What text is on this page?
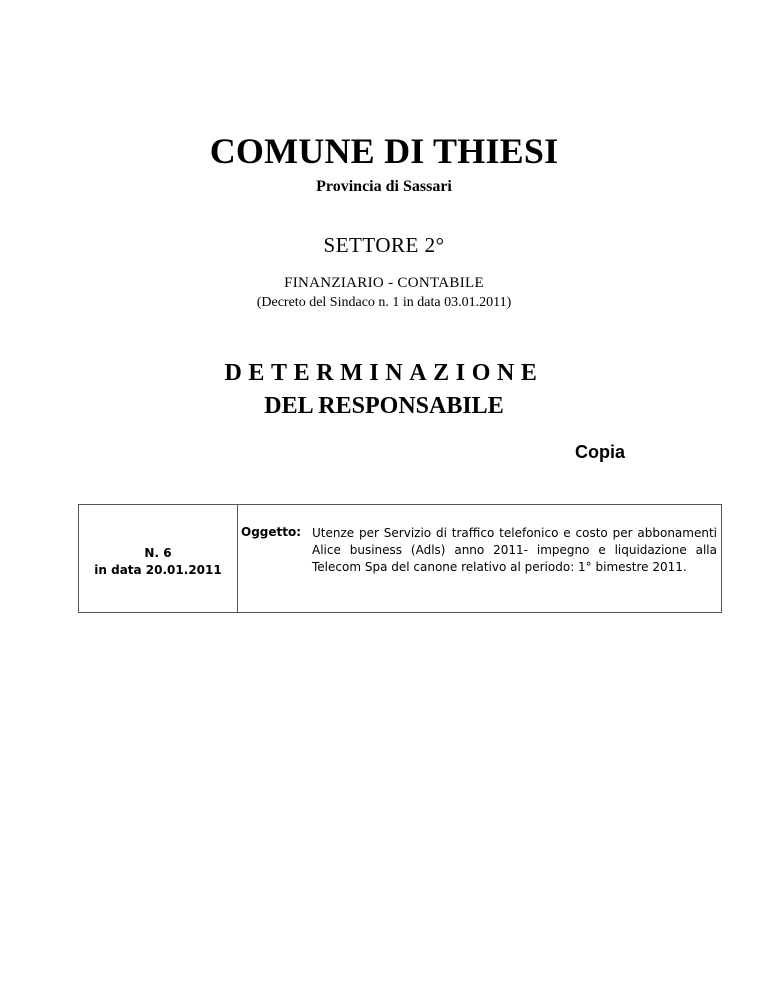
COMUNE DI THIESI
Provincia di Sassari
SETTORE 2°
FINANZIARIO - CONTABILE
(Decreto del Sindaco n. 1 in data 03.01.2011)
DETERMINAZIONE
DEL RESPONSABILE
Copia
N. 6
in data 20.01.2011
Oggetto: Utenze per Servizio di traffico telefonico e costo per abbonamenti Alice business (Adls) anno 2011- impegno e liquidazione alla Telecom Spa del canone relativo al periodo: 1° bimestre 2011.
